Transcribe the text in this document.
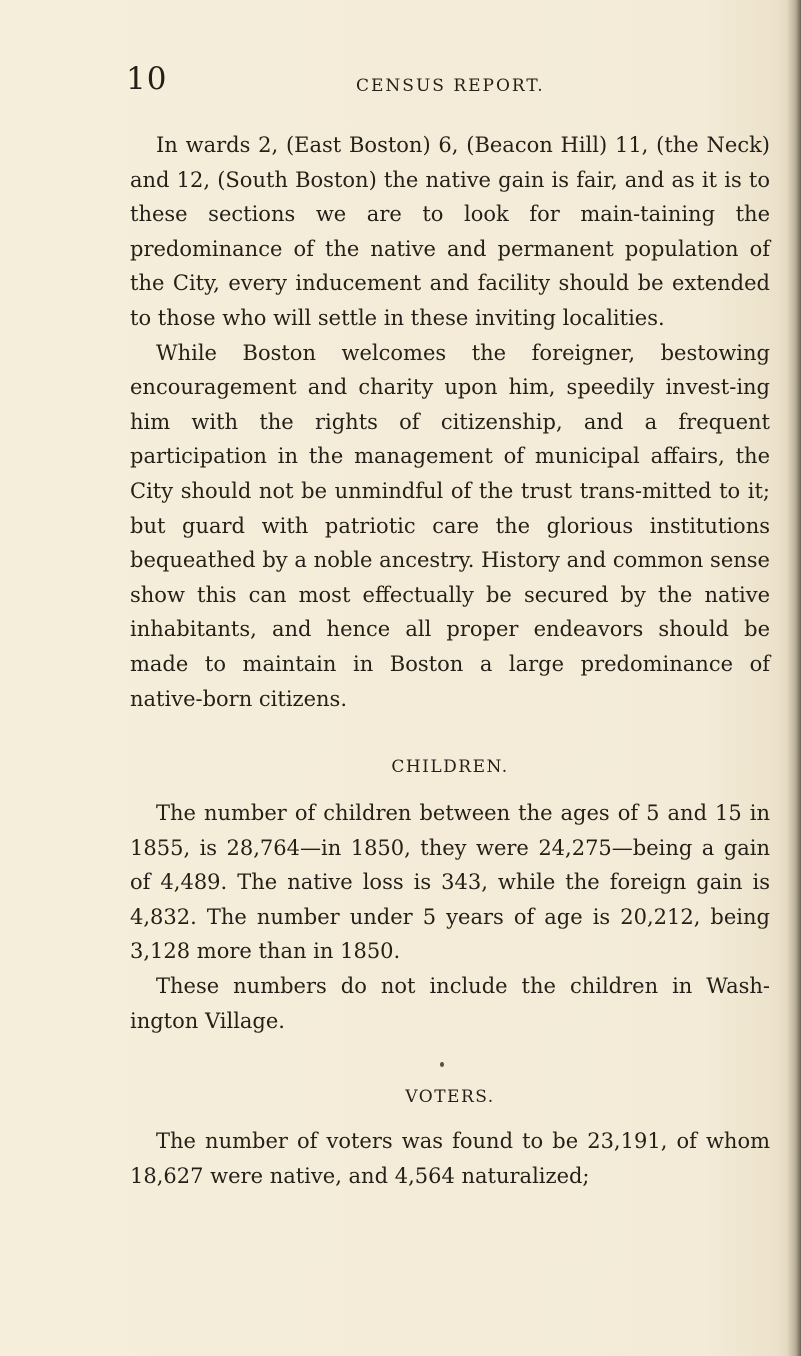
10	CENSUS REPORT.

In wards 2, (East Boston) 6, (Beacon Hill) 11, (the Neck) and 12, (South Boston) the native gain is fair, and as it is to these sections we are to look for main-taining the predominance of the native and permanent population of the City, every inducement and facility should be extended to those who will settle in these inviting localities.

While Boston welcomes the foreigner, bestowing encouragement and charity upon him, speedily invest-ing him with the rights of citizenship, and a frequent participation in the management of municipal affairs, the City should not be unmindful of the trust trans-mitted to it; but guard with patriotic care the glorious institutions bequeathed by a noble ancestry. History and common sense show this can most effectually be secured by the native inhabitants, and hence all proper endeavors should be made to maintain in Boston a large predominance of native-born citizens.

CHILDREN.

The number of children between the ages of 5 and 15 in 1855, is 28,764—in 1850, they were 24,275—being a gain of 4,489. The native loss is 343, while the foreign gain is 4,832. The number under 5 years of age is 20,212, being 3,128 more than in 1850.

These numbers do not include the children in Wash-ington Village.

VOTERS.

The number of voters was found to be 23,191, of whom 18,627 were native, and 4,564 naturalized;
